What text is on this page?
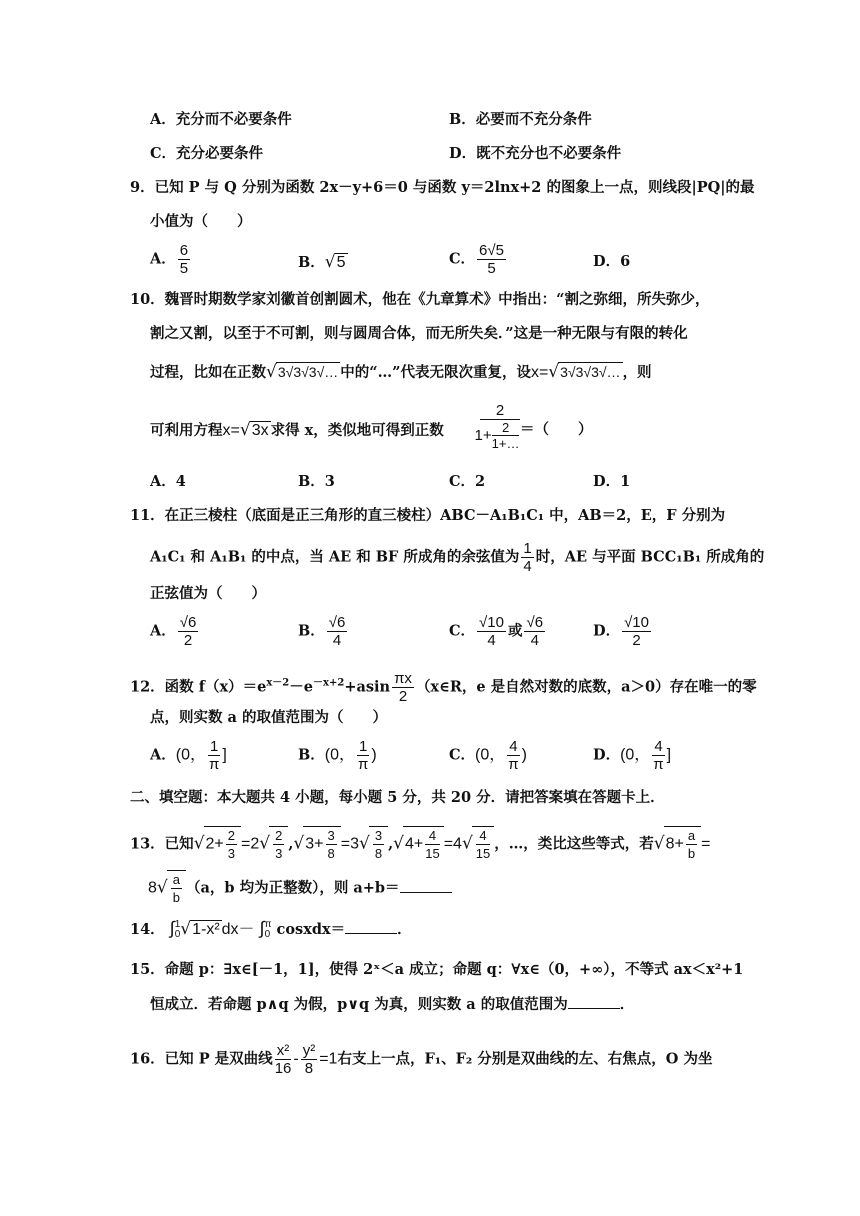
A．充分而不必要条件	B．必要而不充分条件
C．充分必要条件	D．既不充分也不必要条件
9．已知 P 与 Q 分别为函数 2x－y+6＝0 与函数 y＝2lnx+2 的图象上一点，则线段|PQ|的最
小值为（　　）
A． $\frac{6}{5}$	B．√5	C． $\frac{6√5}{5}$	D．6
10．魏晋时期数学家刘徽首创割圆术，他在《九章算术》中指出：“割之弥细，所失弥少，
割之又割，以至于不可割，则与圆周合体，而无所失矣．”这是一种无限与有限的转化
过程，比如在正数√3√3√3√… 中的“…”代表无限次重复，设x=√3√3√3√… ，则
可利用方程x=√3x 求得 x，类似地可得到正数
2
$1+ \frac{2}{1+\dots}$ ＝（　　）
A．4	B．3	C．2	D．1
11．在正三棱柱（底面是正三角形的直三棱柱）ABC－A₁B₁C₁ 中，AB＝2，E，F 分别为
A₁C₁ 和 A₁B₁ 的中点，当 AE 和 BF 所成角的余弦值为 $\frac{1}{4}$ 时，AE 与平面 BCC₁B₁ 所成角的
正弦值为（　　）
A． $\frac{√6}{2}$	B． $\frac{√6}{4}$	C． $\frac{√10}{4}$ 或 $\frac{√6}{4}$	D． $\frac{√10}{2}$
12．函数 $f(x)=e^{x-2}-e^{-x+2}+asin \frac{\pi x}{2}$ （x∈R，e 是自然对数的底数，a＞0）存在唯一的零
点，则实数 a 的取值范围为（　　）
A．(0， $\frac{1}{\pi}$ ]	B．(0， $\frac{1}{\pi}$ )	C．(0， $\frac{4}{\pi}$ )	D．(0， $\frac{4}{\pi}$ ]
二、填空题：本大题共 4 小题，每小题 5 分，共 20 分．请把答案填在答题卡上．
13．已知$√2+ \frac{2}{3} =2√ \frac{2}{3} ,√3+ \frac{3}{8} =3√ \frac{3}{8} ,√4+ \frac{4}{15} =4√ \frac{4}{15}$ ，…，类比这些等式，若$√8+ \frac{a}{b}$ =
$8√ \frac{a}{b} (a$，b 均为正整数），则 a+b＝
14． ∫ 1
0 √1-x² dx－ ∫ π
0 cosxdx＝	．
15．命题 p：∃x∈[－1，1]，使得 2ˣ＜a 成立；命题 q：∀x∈（0，+∞），不等式 ax＜x²+1
恒成立．若命题 p∧q 为假，p∨q 为真，则实数 a 的取值范围为	．
16．已知 P 是双曲线 $\frac{\text{x²}}{16} - \frac{\text{y²}}{8} =1$右支上一点，F₁、F₂ 分别是双曲线的左、右焦点，O 为坐
